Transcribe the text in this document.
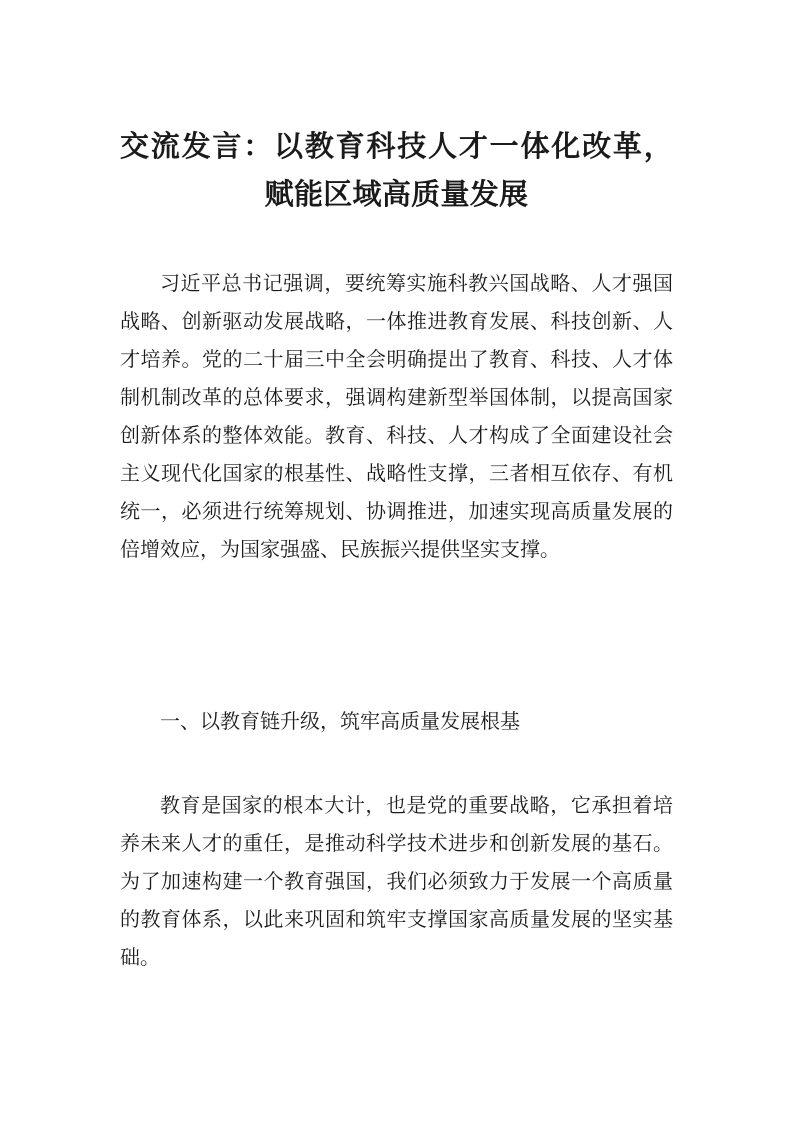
交流发言：以教育科技人才一体化改革，赋能区域高质量发展

习近平总书记强调，要统筹实施科教兴国战略、人才强国战略、创新驱动发展战略，一体推进教育发展、科技创新、人才培养。党的二十届三中全会明确提出了教育、科技、人才体制机制改革的总体要求，强调构建新型举国体制，以提高国家创新体系的整体效能。教育、科技、人才构成了全面建设社会主义现代化国家的根基性、战略性支撑，三者相互依存、有机统一，必须进行统筹规划、协调推进，加速实现高质量发展的倍增效应，为国家强盛、民族振兴提供坚实支撑。

一、以教育链升级，筑牢高质量发展根基

教育是国家的根本大计，也是党的重要战略，它承担着培养未来人才的重任，是推动科学技术进步和创新发展的基石。为了加速构建一个教育强国，我们必须致力于发展一个高质量的教育体系，以此来巩固和筑牢支撑国家高质量发展的坚实基础。
